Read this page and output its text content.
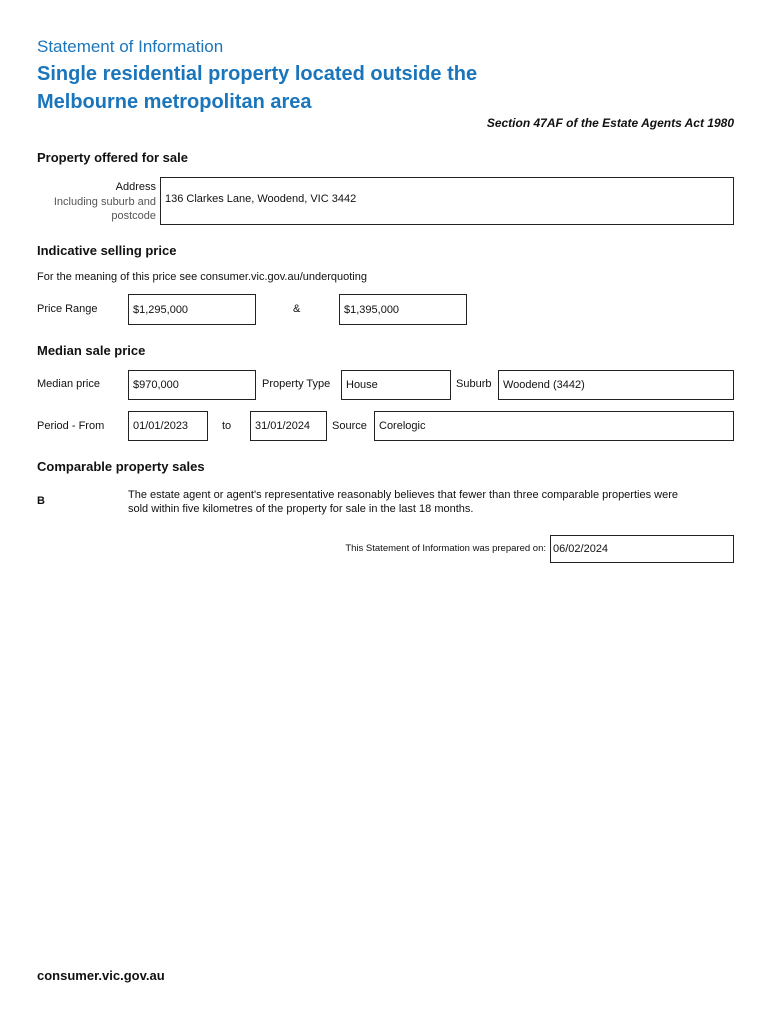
Statement of Information
Single residential property located outside the
Melbourne metropolitan area
Section 47AF of the Estate Agents Act 1980
Property offered for sale
Address
Including suburb and
postcode
136 Clarkes Lane, Woodend, VIC 3442
Indicative selling price
For the meaning of this price see consumer.vic.gov.au/underquoting
Price Range	$1,295,000	&	$1,395,000
Median sale price
Median price	$970,000	Property Type House	Suburb Woodend (3442)
Period - From	01/01/2023	to 31/01/2024 Source Corelogic
Comparable property sales
B	The estate agent or agent's representative reasonably believes that fewer than three comparable properties were
sold within five kilometres of the property for sale in the last 18 months.
This Statement of Information was prepared on: 06/02/2024
consumer.vic.gov.au
